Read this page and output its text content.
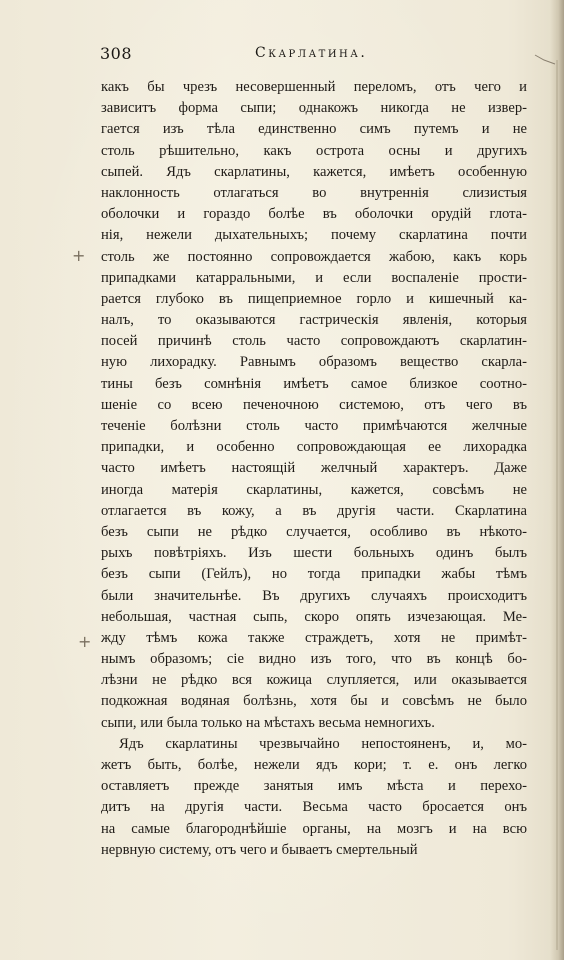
308	Скарлатина.
+
+
какъ бы чрезъ несовершенный переломъ, отъ чего и
зависитъ форма сыпи; однакожъ никогда не извер-
гается изъ тѣла единственно симъ путемъ и не
столь рѣшительно, какъ острота осны и другихъ
сыпей. Ядъ скарлатины, кажется, имѣетъ особенную
наклонность отлагаться во внутреннія слизистыя
оболочки и гораздо болѣе въ оболочки орудій глота-
нія, нежели дыхательныхъ; почему скарлатина почти
столь же постоянно сопровождается жабою, какъ корь
припадками катарральными, и если воспаленіе прости-
рается глубоко въ пищеприемное горло и кишечный ка-
налъ, то оказываются гастрическія явленія, которыя
посей причинѣ столь часто сопровождаютъ скарлатин-
ную лихорадку. Равнымъ образомъ вещество скарла-
тины безъ сомнѣнія имѣетъ самое близкое соотно-
шеніе со всею печеночною системою, отъ чего въ
теченіе болѣзни столь часто примѣчаются желчные
припадки, и особенно сопровождающая ее лихорадка
часто имѣетъ настоящій желчный характеръ. Даже
иногда матерія скарлатины, кажется, совсѣмъ не
отлагается въ кожу, а въ другія части. Скарлатина
безъ сыпи не рѣдко случается, особливо въ нѣкото-
рыхъ повѣтріяхъ. Изъ шести больныхъ одинъ былъ
безъ сыпи (Гейлъ), но тогда припадки жабы тѣмъ
были значительнѣе. Въ другихъ случаяхъ происходитъ
небольшая, частная сыпь, скоро опять изчезающая. Ме-
жду тѣмъ кожа также страждетъ, хотя не примѣт-
нымъ образомъ; сіе видно изъ того, что въ концѣ бо-
лѣзни не рѣдко вся кожица слупляется, или оказывается
подкожная водяная болѣзнь, хотя бы и совсѣмъ не было
сыпи, или была только на мѣстахъ весьма немногихъ.
Ядъ скарлатины чрезвычайно непостояненъ, и, мо-
жетъ быть, болѣе, нежели ядъ кори; т. е. онъ легко
оставляетъ прежде занятыя имъ мѣста и перехо-
дитъ на другія части. Весьма часто бросается онъ
на самые благороднѣйшіе органы, на мозгъ и на всю
нервную систему, отъ чего и бываетъ смертельный
